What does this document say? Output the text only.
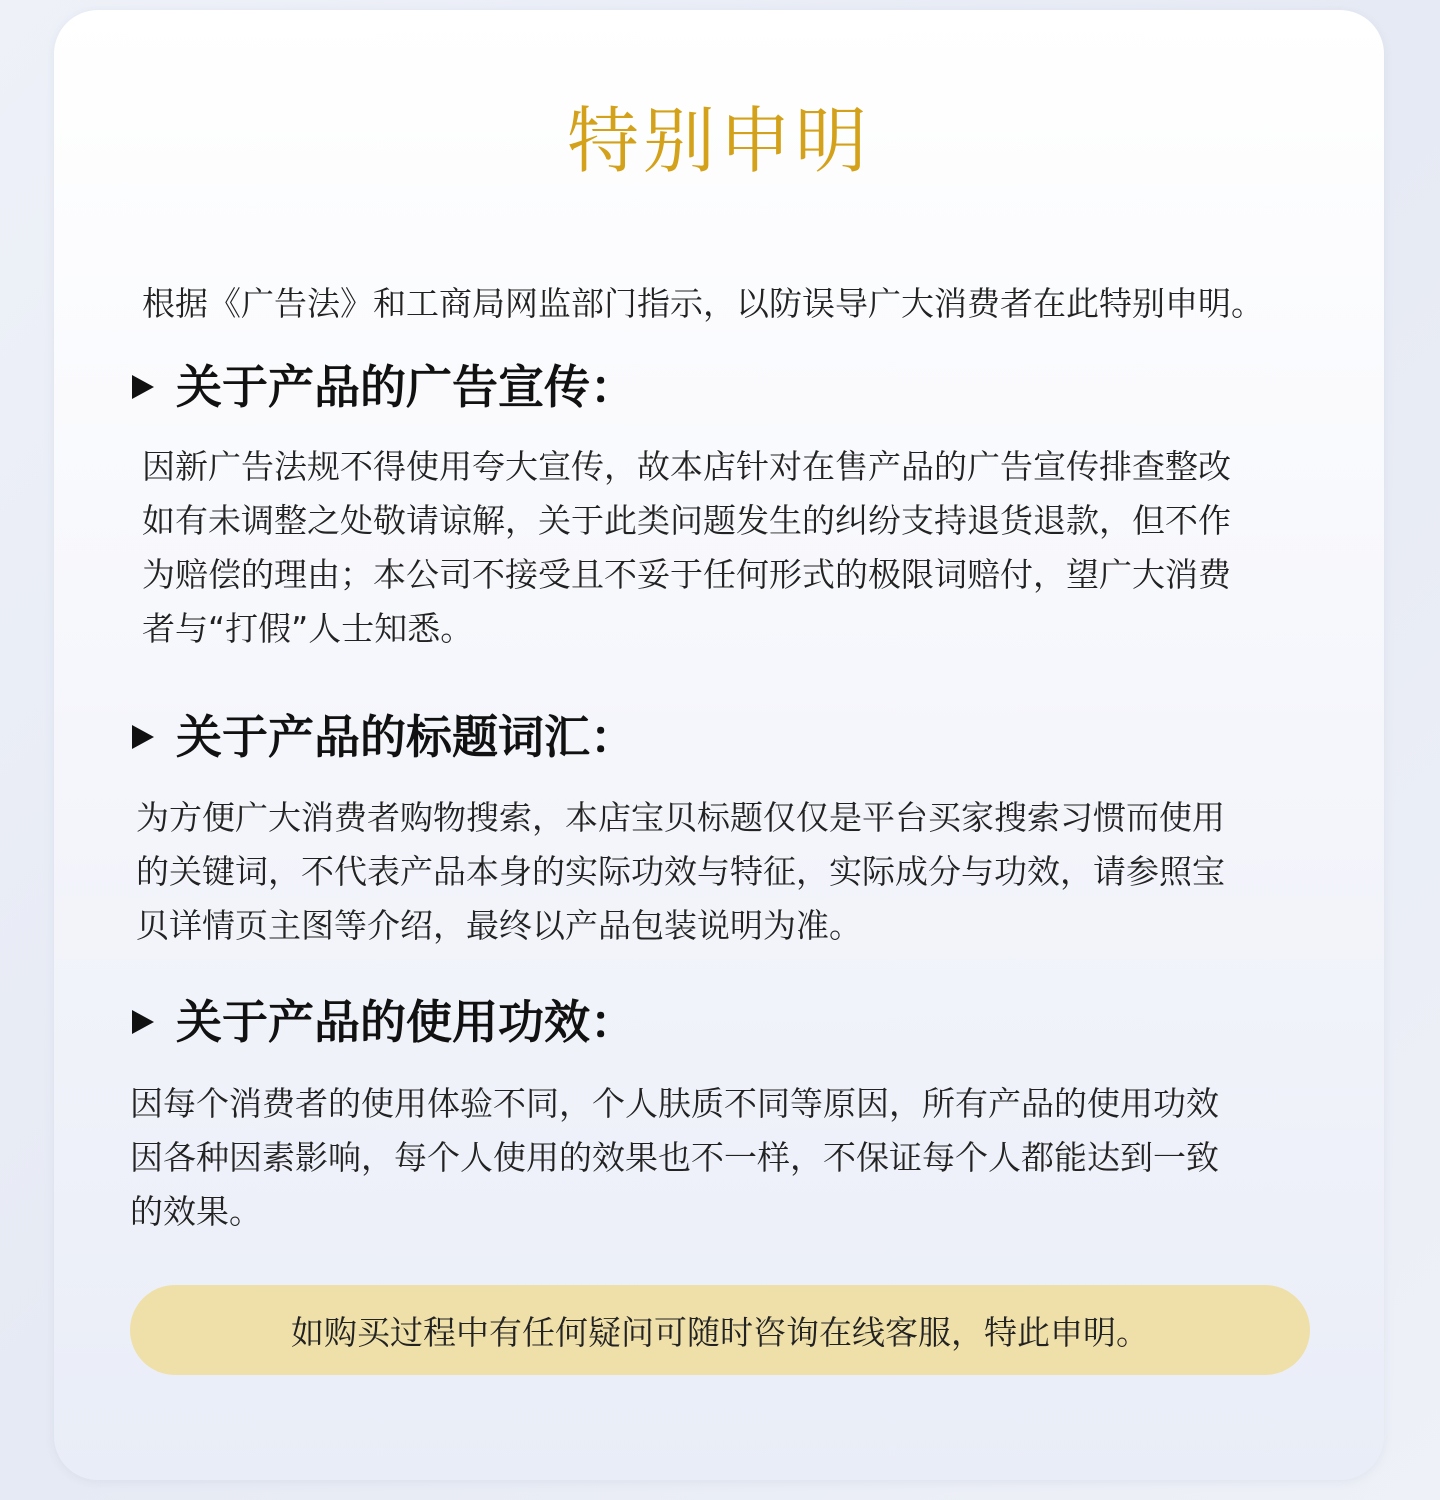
特别申明

根据《广告法》和工商局网监部门指示，以防误导广大消费者在此特别申明。

关于产品的广告宣传：

因新广告法规不得使用夸大宣传，故本店针对在售产品的广告宣传排查整改
如有未调整之处敬请谅解，关于此类问题发生的纠纷支持退货退款，但不作
为赔偿的理由；本公司不接受且不妥于任何形式的极限词赔付，望广大消费
者与“打假”人士知悉。

关于产品的标题词汇：

为方便广大消费者购物搜索，本店宝贝标题仅仅是平台买家搜索习惯而使用
的关键词，不代表产品本身的实际功效与特征，实际成分与功效，请参照宝
贝详情页主图等介绍，最终以产品包装说明为准。

关于产品的使用功效：

因每个消费者的使用体验不同，个人肤质不同等原因，所有产品的使用功效
因各种因素影响，每个人使用的效果也不一样，不保证每个人都能达到一致
的效果。

如购买过程中有任何疑问可随时咨询在线客服，特此申明。
